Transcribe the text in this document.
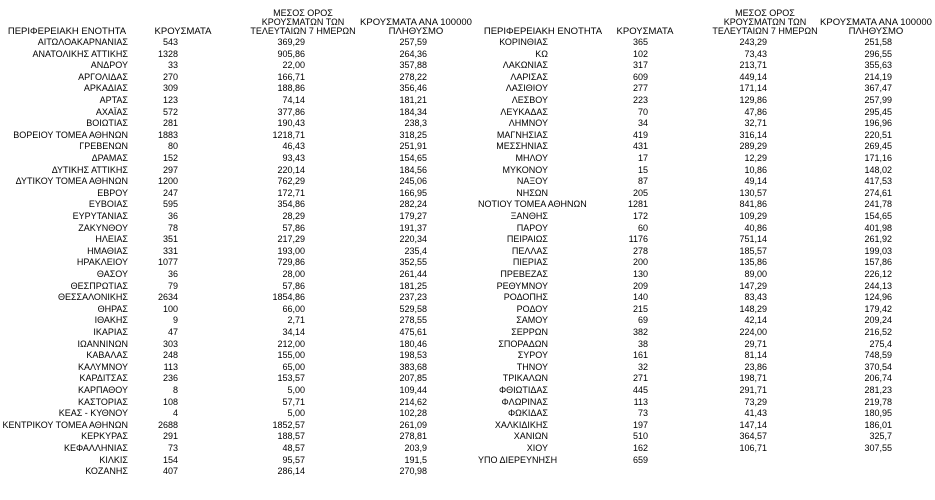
ΠΕΡΙΦΕΡΕΙΑΚΗ ΕΝΟΤΗΤΑ	ΚΡΟΥΣΜΑΤΑ
ΜΕΣΟΣ ΟΡΟΣ ΚΡΟΥΣΜΑΤΩΝ ΤΩΝ ΤΕΛΕΥΤΑΙΩΝ 7 ΗΜΕΡΩΝ
ΚΡΟΥΣΜΑΤΑ ΑΝΑ 100000 ΠΛΗΘΥΣΜΟ	ΠΕΡΙΦΕΡΕΙΑΚΗ ΕΝΟΤΗΤΑ	ΚΡΟΥΣΜΑΤΑ
ΜΕΣΟΣ ΟΡΟΣ ΚΡΟΥΣΜΑΤΩΝ ΤΩΝ ΤΕΛΕΥΤΑΙΩΝ 7 ΗΜΕΡΩΝ
ΚΡΟΥΣΜΑΤΑ ΑΝΑ 100000 ΠΛΗΘΥΣΜΟ
ΑΙΤΩΛΟΑΚΑΡΝΑΝΙΑΣ	543	369,29	257,59	ΚΟΡΙΝΘΙΑΣ	365	243,29	251,58
ΑΝΑΤΟΛΙΚΗΣ ΑΤΤΙΚΗΣ	1328	905,86	264,36	ΚΩ	102	73,43	296,55
ΑΝΔΡΟΥ	33	22,00	357,88	ΛΑΚΩΝΙΑΣ	317	213,71	355,63
ΑΡΓΟΛΙΔΑΣ	270	166,71	278,22	ΛΑΡΙΣΑΣ	609	449,14	214,19
ΑΡΚΑΔΙΑΣ	309	188,86	356,46	ΛΑΣΙΘΙΟΥ	277	171,14	367,47
ΑΡΤΑΣ	123	74,14	181,21	ΛΕΣΒΟΥ	223	129,86	257,99
ΑΧΑΪΑΣ	572	377,86	184,34	ΛΕΥΚΑΔΑΣ	70	47,86	295,45
ΒΟΙΩΤΙΑΣ	281	190,43	238,3	ΛΗΜΝΟΥ	34	32,71	196,96
ΒΟΡΕΙΟΥ ΤΟΜΕΑ ΑΘΗΝΩΝ	1883	1218,71	318,25	ΜΑΓΝΗΣΙΑΣ	419	316,14	220,51
ΓΡΕΒΕΝΩΝ	80	46,43	251,91	ΜΕΣΣΗΝΙΑΣ	431	289,29	269,45
ΔΡΑΜΑΣ	152	93,43	154,65	ΜΗΛΟΥ	17	12,29	171,16
ΔΥΤΙΚΗΣ ΑΤΤΙΚΗΣ	297	220,14	184,56	ΜΥΚΟΝΟΥ	15	10,86	148,02
ΔΥΤΙΚΟΥ ΤΟΜΕΑ ΑΘΗΝΩΝ	1200	762,29	245,06	ΝΑΞΟΥ	87	49,14	417,53
ΕΒΡΟΥ	247	172,71	166,95	ΝΗΣΩΝ	205	130,57	274,61
ΕΥΒΟΙΑΣ	595	354,86	282,24	ΝΟΤΙΟΥ ΤΟΜΕΑ ΑΘΗΝΩΝ	1281	841,86	241,78
ΕΥΡΥΤΑΝΙΑΣ	36	28,29	179,27	ΞΑΝΘΗΣ	172	109,29	154,65
ΖΑΚΥΝΘΟΥ	78	57,86	191,37	ΠΑΡΟΥ	60	40,86	401,98
ΗΛΕΙΑΣ	351	217,29	220,34	ΠΕΙΡΑΙΩΣ	1176	751,14	261,92
ΗΜΑΘΙΑΣ	331	193,00	235,4	ΠΕΛΛΑΣ	278	185,57	199,03
ΗΡΑΚΛΕΙΟΥ	1077	729,86	352,55	ΠΙΕΡΙΑΣ	200	135,86	157,86
ΘΑΣΟΥ	36	28,00	261,44	ΠΡΕΒΕΖΑΣ	130	89,00	226,12
ΘΕΣΠΡΩΤΙΑΣ	79	57,86	181,25	ΡΕΘΥΜΝΟΥ	209	147,29	244,13
ΘΕΣΣΑΛΟΝΙΚΗΣ	2634	1854,86	237,23	ΡΟΔΟΠΗΣ	140	83,43	124,96
ΘΗΡΑΣ	100	66,00	529,58	ΡΟΔΟΥ	215	148,29	179,42
ΙΘΑΚΗΣ	9	2,71	278,55	ΣΑΜΟΥ	69	42,14	209,24
ΙΚΑΡΙΑΣ	47	34,14	475,61	ΣΕΡΡΩΝ	382	224,00	216,52
ΙΩΑΝΝΙΝΩΝ	303	212,00	180,46	ΣΠΟΡΑΔΩΝ	38	29,71	275,4
ΚΑΒΑΛΑΣ	248	155,00	198,53	ΣΥΡΟΥ	161	81,14	748,59
ΚΑΛΥΜΝΟΥ	113	65,00	383,68	ΤΗΝΟΥ	32	23,86	370,54
ΚΑΡΔΙΤΣΑΣ	236	153,57	207,85	ΤΡΙΚΑΛΩΝ	271	198,71	206,74
ΚΑΡΠΑΘΟΥ	8	5,00	109,44	ΦΘΙΩΤΙΔΑΣ	445	291,71	281,23
ΚΑΣΤΟΡΙΑΣ	108	57,71	214,62	ΦΛΩΡΙΝΑΣ	113	73,29	219,78
ΚΕΑΣ - ΚΥΘΝΟΥ	4	5,00	102,28	ΦΩΚΙΔΑΣ	73	41,43	180,95
ΚΕΝΤΡΙΚΟΥ ΤΟΜΕΑ ΑΘΗΝΩΝ	2688	1852,57	261,09	ΧΑΛΚΙΔΙΚΗΣ	197	147,14	186,01
ΚΕΡΚΥΡΑΣ	291	188,57	278,81	ΧΑΝΙΩΝ	510	364,57	325,7
ΚΕΦΑΛΛΗΝΙΑΣ	73	48,57	203,9	ΧΙΟΥ	162	106,71	307,55
ΚΙΛΚΙΣ	154	95,57	191,5	ΥΠΟ ΔΙΕΡΕΥΝΗΣΗ	659
ΚΟΖΑΝΗΣ	407	286,14	270,98
